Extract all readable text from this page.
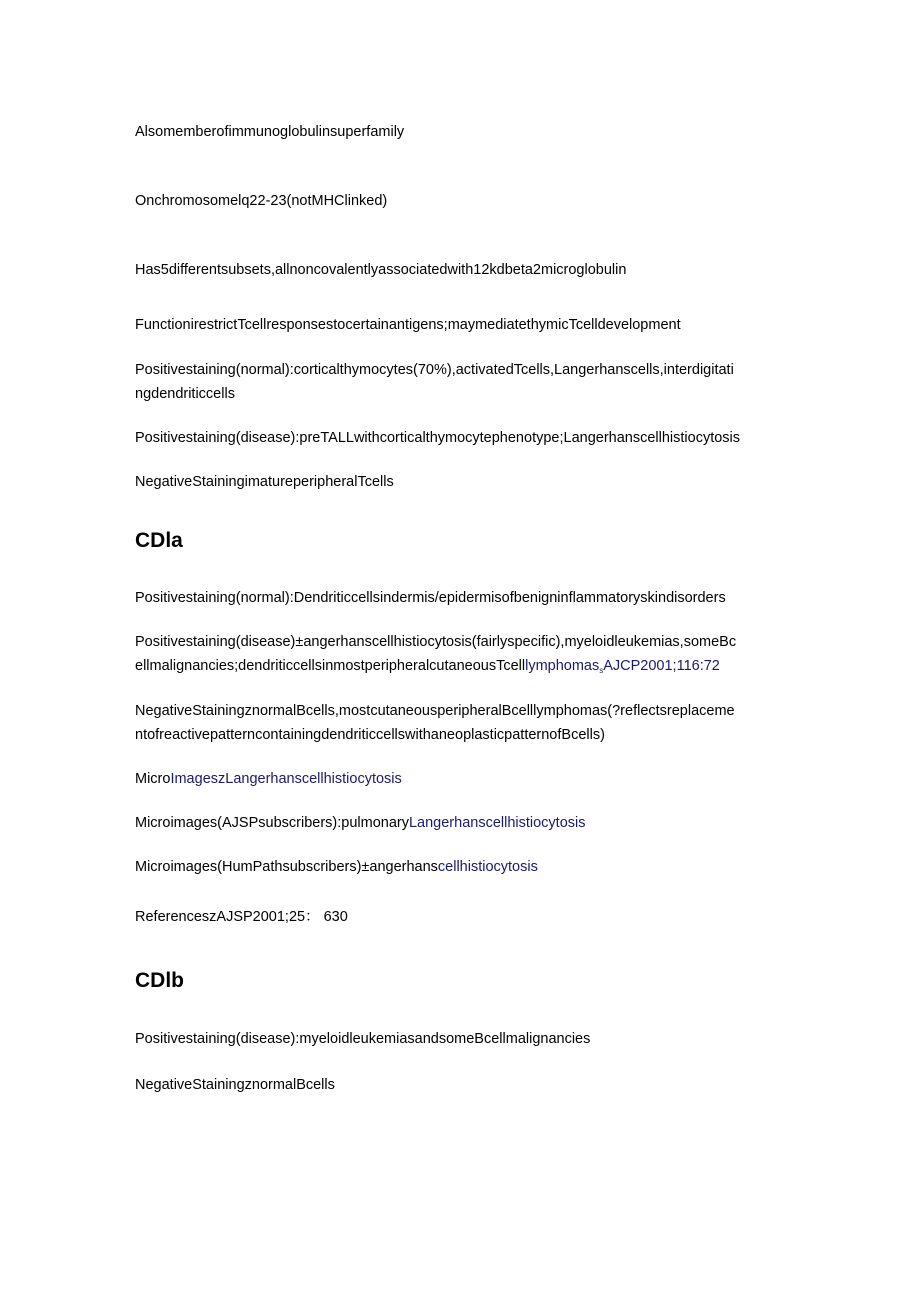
Alsomemberofimmunoglobulinsuperfamily

Onchromosomelq22-23(notMHClinked)

Has5differentsubsets,allnoncovalentlyassociatedwith12kdbeta2microglobulin

FunctionirestrictTcellresponsestocertainantigens;maymediatethymicTcelldevelopment

Positivestaining(normal):corticalthymocytes(70%),activatedTcells,Langerhanscells,interdigitati
ngdendriticcells

Positivestaining(disease):preTALLwithcorticalthymocytephenotype;Langerhanscellhistiocytosis

NegativeStainingimatureperipheralTcells

CDla

Positivestaining(normal):Dendriticcellsindermis/epidermisofbenigninflammatoryskindisorders

Positivestaining(disease)±angerhanscellhistiocytosis(fairlyspecific),myeloidleukemias,someBc
ellmalignancies;dendriticcellsinmostperipheralcutaneousTcelllymphomas$_s$AJCP2001;116:72

NegativeStainingznormalBcells,mostcutaneousperipheralBcelllymphomas(?reflectsreplaceme
ntofreactivepatterncontainingdendriticcellswithaneoplasticpatternofBcells)

MicroImageszLangerhanscellhistiocytosis

Microimages(AJSPsubscribers):pulmonaryLangerhanscellhistiocytosis

Microimages(HumPathsubscribers)±angerhanscellhistiocytosis

ReferenceszAJSP2001;25： 630

CDlb

Positivestaining(disease):myeloidleukemiasandsomeBcellmalignancies

NegativeStainingznormalBcells
